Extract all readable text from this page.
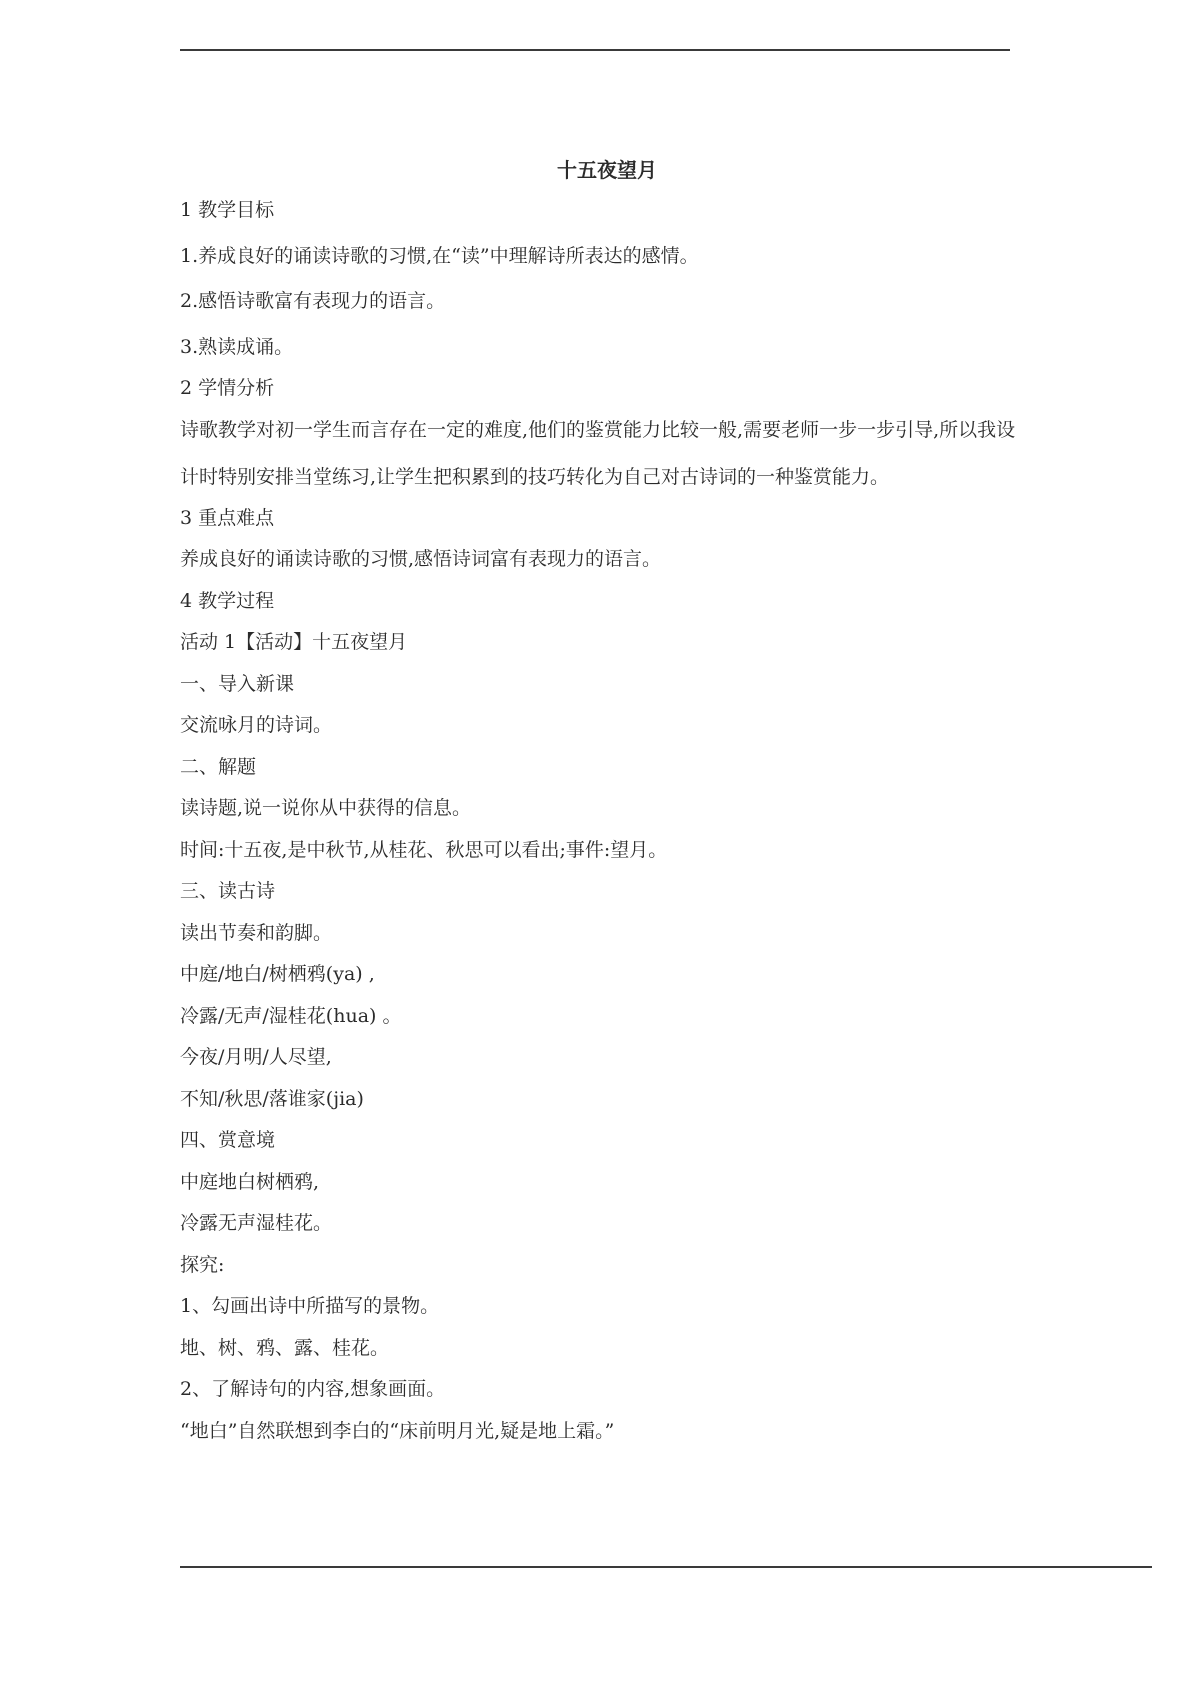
十五夜望月
1 教学目标
1.养成良好的诵读诗歌的习惯,在“读”中理解诗所表达的感情。
2.感悟诗歌富有表现力的语言。
3.熟读成诵。
2 学情分析
诗歌教学对初一学生而言存在一定的难度,他们的鉴赏能力比较一般,需要老师一步一步引导,所以我设计时特别安排当堂练习,让学生把积累到的技巧转化为自己对古诗词的一种鉴赏能力。
3 重点难点
养成良好的诵读诗歌的习惯,感悟诗词富有表现力的语言。
4 教学过程
活动 1【活动】十五夜望月
一、导入新课
交流咏月的诗词。
二、解题
读诗题,说一说你从中获得的信息。
时间:十五夜,是中秋节,从桂花、秋思可以看出;事件:望月。
三、读古诗
读出节奏和韵脚。
中庭/地白/树栖鸦(ya) ,
冷露/无声/湿桂花(hua) 。
今夜/月明/人尽望,
不知/秋思/落谁家(jia)
四、赏意境
中庭地白树栖鸦,
冷露无声湿桂花。
探究:
1、勾画出诗中所描写的景物。
地、树、鸦、露、桂花。
2、了解诗句的内容,想象画面。
“地白”自然联想到李白的“床前明月光,疑是地上霜。”
